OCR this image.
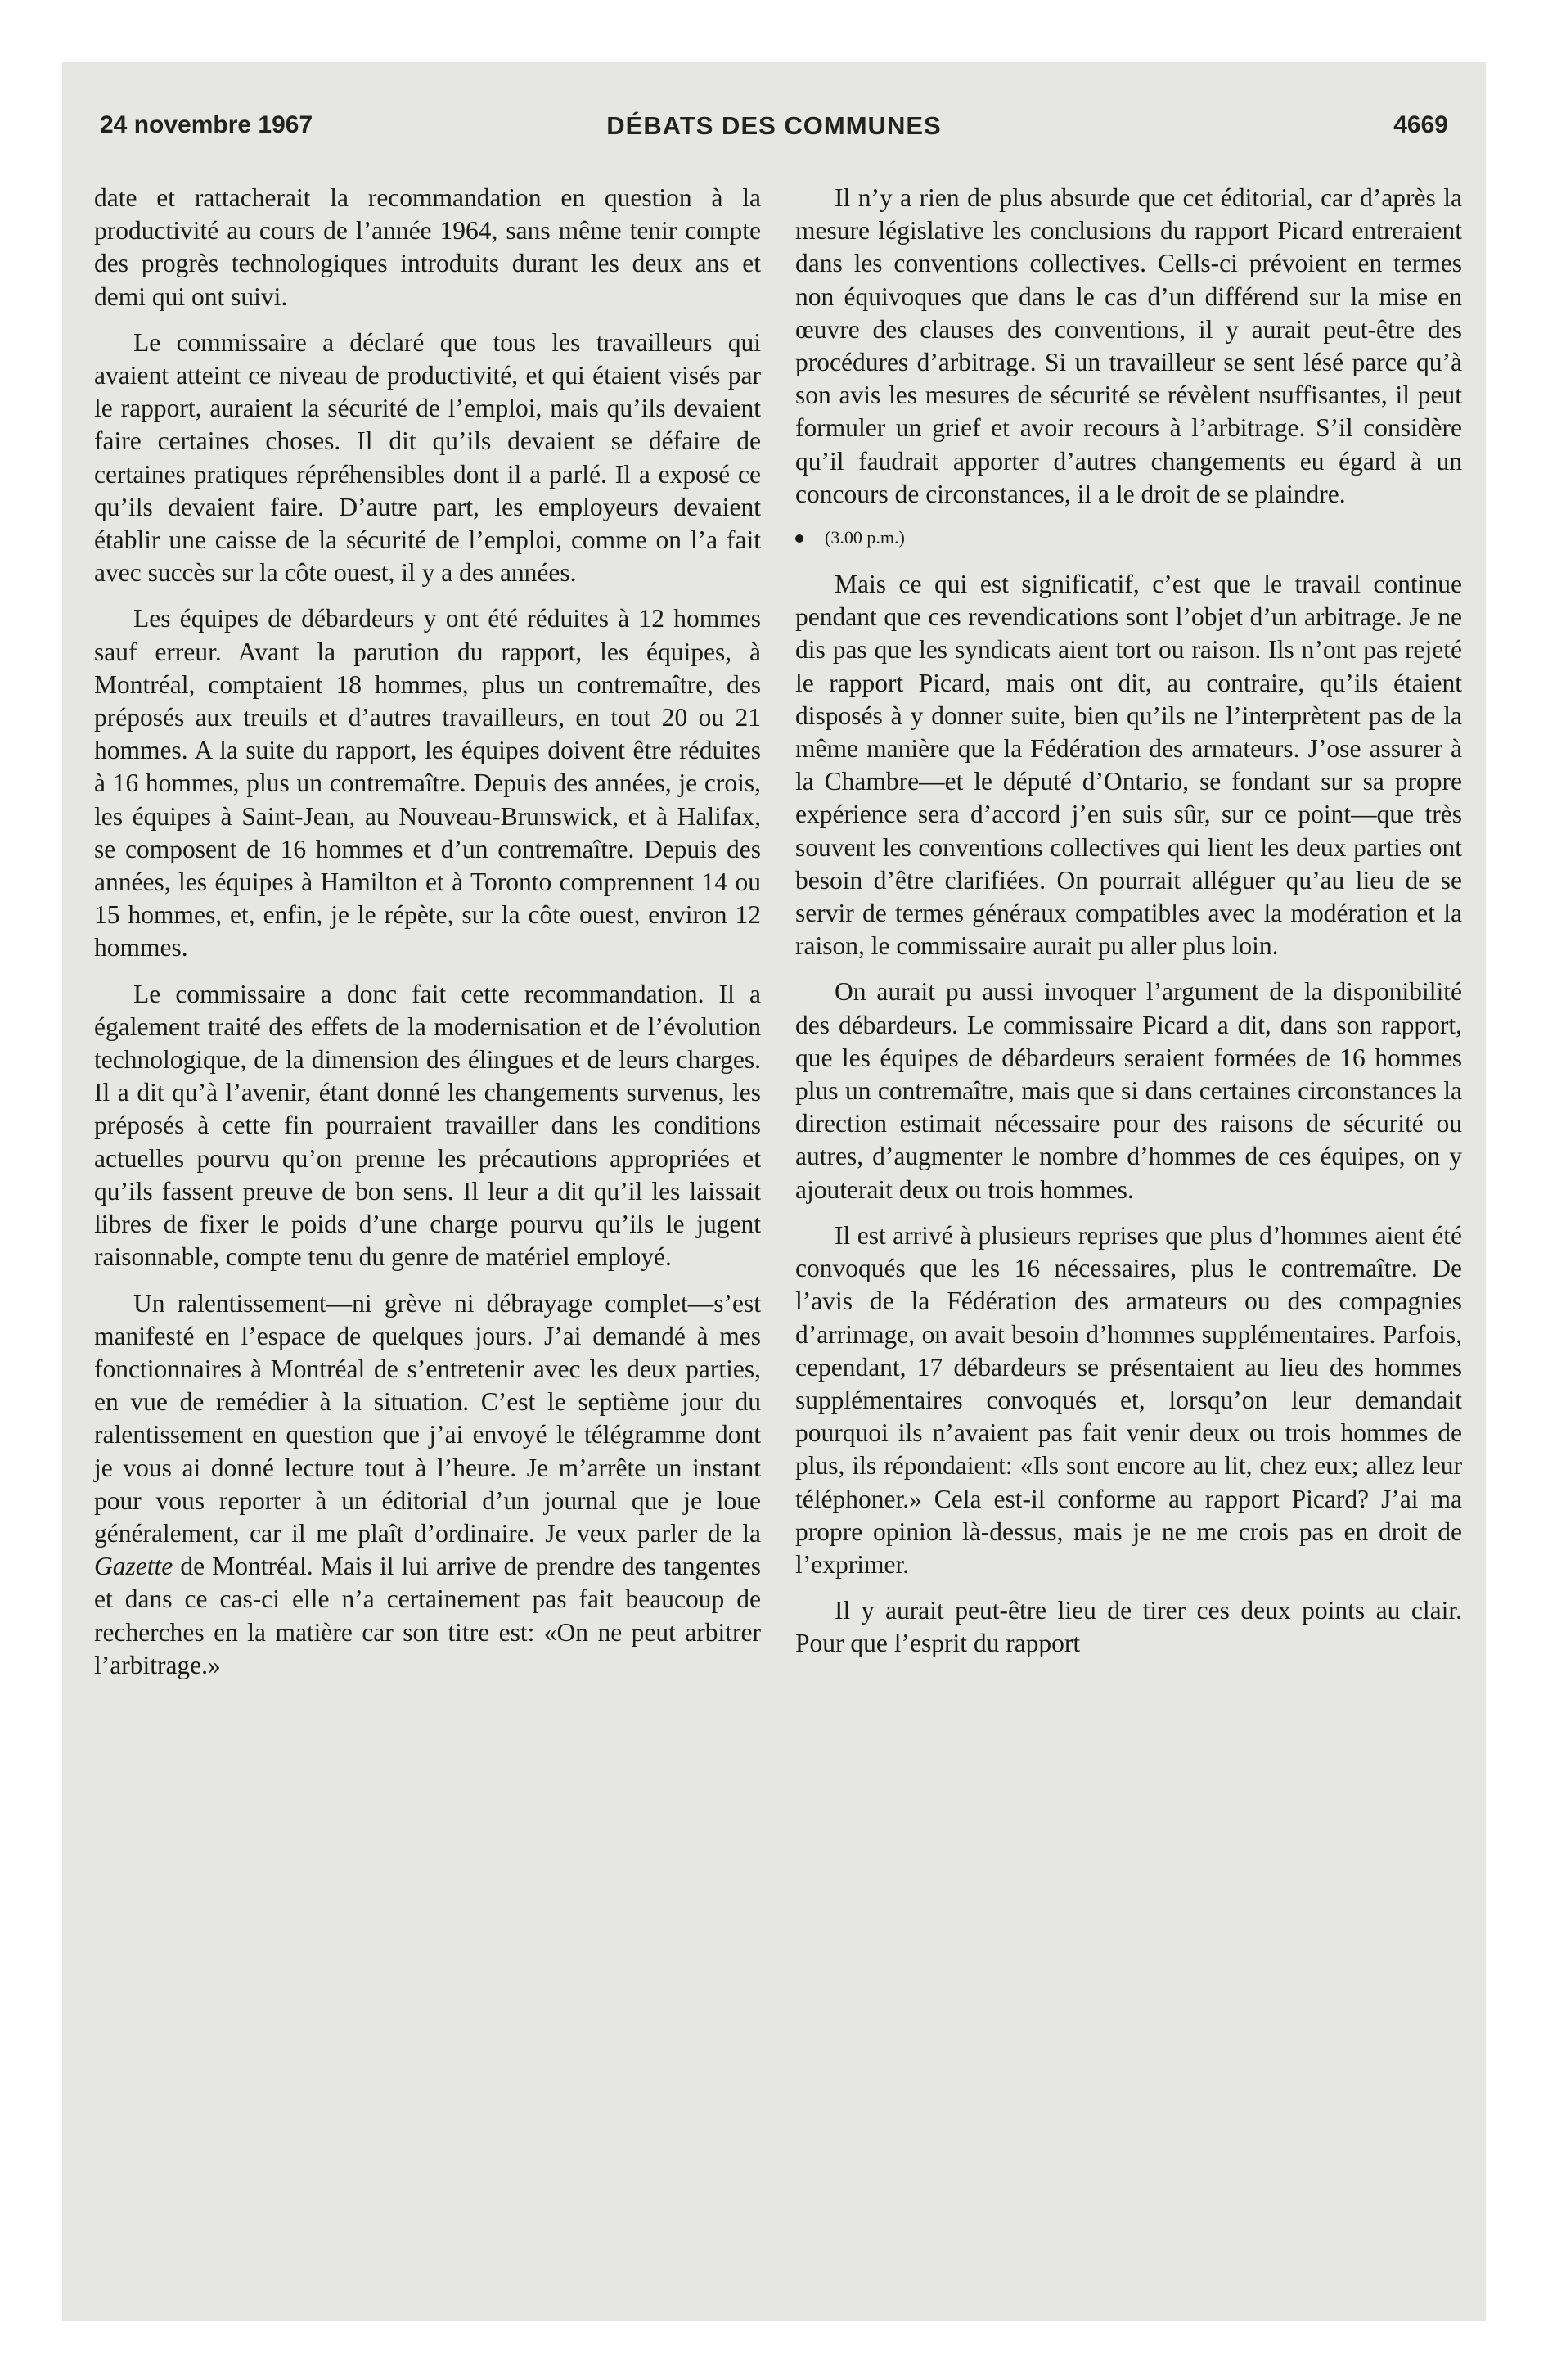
24 novembre 1967	DÉBATS DES COMMUNES	4669

date et rattacherait la recommandation en question à la productivité au cours de l’année 1964, sans même tenir compte des progrès technologiques introduits durant les deux ans et demi qui ont suivi.

Le commissaire a déclaré que tous les travailleurs qui avaient atteint ce niveau de productivité, et qui étaient visés par le rapport, auraient la sécurité de l’emploi, mais qu’ils devaient faire certaines choses. Il dit qu’ils devaient se défaire de certaines pratiques répréhensibles dont il a parlé. Il a exposé ce qu’ils devaient faire. D’autre part, les employeurs devaient établir une caisse de la sécurité de l’emploi, comme on l’a fait avec succès sur la côte ouest, il y a des années.

Les équipes de débardeurs y ont été réduites à 12 hommes sauf erreur. Avant la parution du rapport, les équipes, à Montréal, comptaient 18 hommes, plus un contremaître, des préposés aux treuils et d’autres travailleurs, en tout 20 ou 21 hommes. A la suite du rapport, les équipes doivent être réduites à 16 hommes, plus un contremaître. Depuis des années, je crois, les équipes à Saint-Jean, au Nouveau-Brunswick, et à Halifax, se composent de 16 hommes et d’un contremaître. Depuis des années, les équipes à Hamilton et à Toronto comprennent 14 ou 15 hommes, et, enfin, je le répète, sur la côte ouest, environ 12 hommes.

Le commissaire a donc fait cette recommandation. Il a également traité des effets de la modernisation et de l’évolution technologique, de la dimension des élingues et de leurs charges. Il a dit qu’à l’avenir, étant donné les changements survenus, les préposés à cette fin pourraient travailler dans les conditions actuelles pourvu qu’on prenne les précautions appropriées et qu’ils fassent preuve de bon sens. Il leur a dit qu’il les laissait libres de fixer le poids d’une charge pourvu qu’ils le jugent raisonnable, compte tenu du genre de matériel employé.

Un ralentissement—ni grève ni débrayage complet—s’est manifesté en l’espace de quelques jours. J’ai demandé à mes fonctionnaires à Montréal de s’entretenir avec les deux parties, en vue de remédier à la situation. C’est le septième jour du ralentissement en question que j’ai envoyé le télégramme dont je vous ai donné lecture tout à l’heure. Je m’arrête un instant pour vous reporter à un éditorial d’un journal que je loue généralement, car il me plaît d’ordinaire. Je veux parler de la Gazette de Montréal. Mais il lui arrive de prendre des tangentes et dans ce cas-ci elle n’a certainement pas fait beaucoup de recherches en la matière car son titre est: «On ne peut arbitrer l’arbitrage.»

Il n’y a rien de plus absurde que cet éditorial, car d’après la mesure législative les conclusions du rapport Picard entreraient dans les conventions collectives. Cells-ci prévoient en termes non équivoques que dans le cas d’un différend sur la mise en œuvre des clauses des conventions, il y aurait peut-être des procédures d’arbitrage. Si un travailleur se sent lésé parce qu’à son avis les mesures de sécurité se révèlent nsuffisantes, il peut formuler un grief et avoir recours à l’arbitrage. S’il considère qu’il faudrait apporter d’autres changements eu égard à un concours de circonstances, il a le droit de se plaindre.

(3.00 p.m.)

Mais ce qui est significatif, c’est que le travail continue pendant que ces revendications sont l’objet d’un arbitrage. Je ne dis pas que les syndicats aient tort ou raison. Ils n’ont pas rejeté le rapport Picard, mais ont dit, au contraire, qu’ils étaient disposés à y donner suite, bien qu’ils ne l’interprètent pas de la même manière que la Fédération des armateurs. J’ose assurer à la Chambre—et le député d’Ontario, se fondant sur sa propre expérience sera d’accord j’en suis sûr, sur ce point—que très souvent les conventions collectives qui lient les deux parties ont besoin d’être clarifiées. On pourrait alléguer qu’au lieu de se servir de termes généraux compatibles avec la modération et la raison, le commissaire aurait pu aller plus loin.

On aurait pu aussi invoquer l’argument de la disponibilité des débardeurs. Le commissaire Picard a dit, dans son rapport, que les équipes de débardeurs seraient formées de 16 hommes plus un contremaître, mais que si dans certaines circonstances la direction estimait nécessaire pour des raisons de sécurité ou autres, d’augmenter le nombre d’hommes de ces équipes, on y ajouterait deux ou trois hommes.

Il est arrivé à plusieurs reprises que plus d’hommes aient été convoqués que les 16 nécessaires, plus le contremaître. De l’avis de la Fédération des armateurs ou des compagnies d’arrimage, on avait besoin d’hommes supplémentaires. Parfois, cependant, 17 débardeurs se présentaient au lieu des hommes supplémentaires convoqués et, lorsqu’on leur demandait pourquoi ils n’avaient pas fait venir deux ou trois hommes de plus, ils répondaient: «Ils sont encore au lit, chez eux; allez leur téléphoner.» Cela est-il conforme au rapport Picard? J’ai ma propre opinion là-dessus, mais je ne me crois pas en droit de l’exprimer.

Il y aurait peut-être lieu de tirer ces deux points au clair. Pour que l’esprit du rapport
